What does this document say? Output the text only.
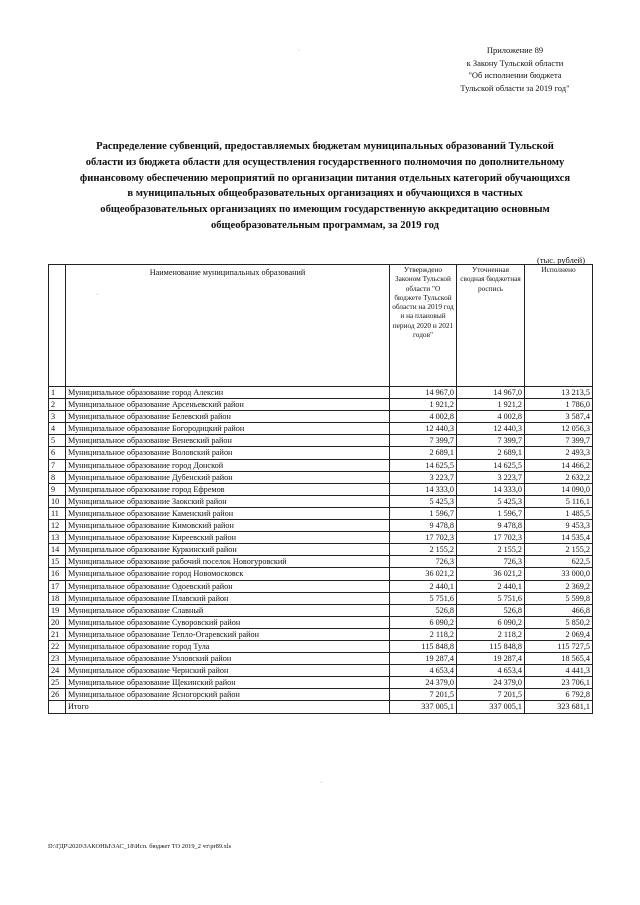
Приложение 89
к Закону Тульской области
"Об исполнении бюджета
Тульской области за 2019 год"
Распределение субвенций, предоставляемых бюджетам муниципальных образований Тульской
области из бюджета области для осуществления государственного полномочия по дополнительному
финансовому обеспечению мероприятий по организации питания отдельных категорий обучающихся
в муниципальных общеобразовательных организациях и обучающихся в частных
общеобразовательных организациях по имеющим государственную аккредитацию основным
общеобразовательным программам, за 2019 год
(тыс. рублей)
	Наименование муниципальных образований	Утверждено Законом Тульской области "О бюджете Тульской области на 2019 год и на плановый период 2020 и 2021 годов"	Уточненная сводная бюджетная роспись	Исполнено
1	Муниципальное образование город Алексин	14 967,0	14 967,0	13 213,5
2	Муниципальное образование Арсеньевский район	1 921,2	1 921,2	1 786,0
3	Муниципальное образование Белевский район	4 002,8	4 002,8	3 587,4
4	Муниципальное образование Богородицкий район	12 440,3	12 440,3	12 056,3
5	Муниципальное образование Веневский район	7 399,7	7 399,7	7 399,7
6	Муниципальное образование Воловский район	2 689,1	2 689,1	2 493,3
7	Муниципальное образование город Донской	14 625,5	14 625,5	14 466,2
8	Муниципальное образование Дубенский район	3 223,7	3 223,7	2 632,2
9	Муниципальное образование город Ефремов	14 333,0	14 333,0	14 090,0
10	Муниципальное образование Заокский район	5 425,3	5 425,3	5 116,1
11	Муниципальное образование Каменский район	1 596,7	1 596,7	1 485,5
12	Муниципальное образование Кимовский район	9 478,8	9 478,8	9 453,3
13	Муниципальное образование Киреевский район	17 702,3	17 702,3	14 535,4
14	Муниципальное образование Куркинский район	2 155,2	2 155,2	2 155,2
15	Муниципальное образование рабочий поселок Новогуровский	726,3	726,3	622,5
16	Муниципальное образование город Новомосковск	36 021,2	36 021,2	33 000,0
17	Муниципальное образование Одоевский район	2 440,1	2 440,1	2 369,2
18	Муниципальное образование Плавский район	5 751,6	5 751,6	5 599,8
19	Муниципальное образование Славный	526,8	526,8	466,8
20	Муниципальное образование Суворовский район	6 090,2	6 090,2	5 850,2
21	Муниципальное образование Тепло-Огаревский район	2 118,2	2 118,2	2 069,4
22	Муниципальное образование город Тула	115 848,8	115 848,8	115 727,5
23	Муниципальное образование Узловский район	19 287,4	19 287,4	18 565,4
24	Муниципальное образование Чернский район	4 653,4	4 653,4	4 441,3
25	Муниципальное образование Щекинский район	24 379,0	24 379,0	23 706,1
26	Муниципальное образование Ясногорский район	7 201,5	7 201,5	6 792,8
	Итого	337 005,1	337 005,1	323 681,1
D:\ГДР\2020\ЗАКОНЫ\ЗАС_18\Исп. бюджет ТО 2019_2 чт\pr89.xls
·
·
·
